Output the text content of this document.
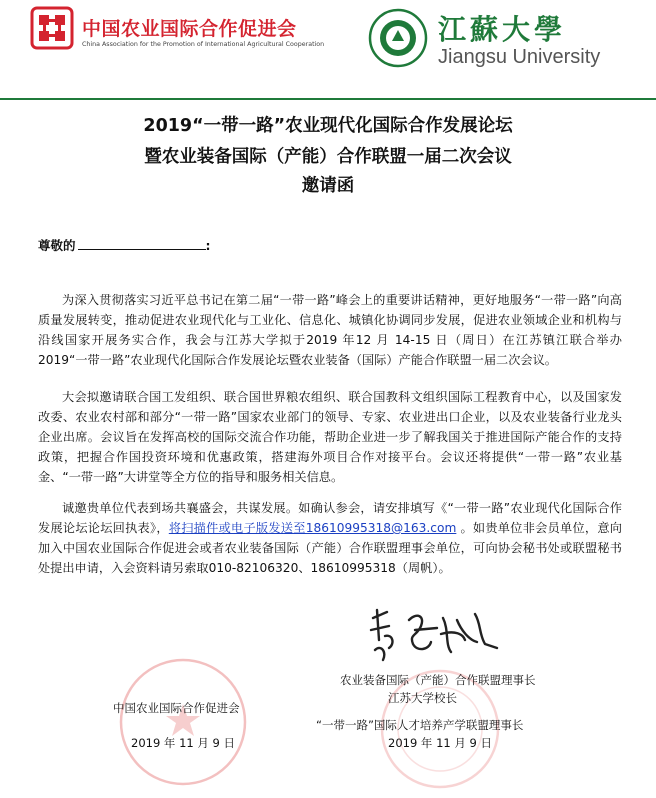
中国农业国际合作促进会
China Association for the Promotion of International Agricultural Cooperation	江蘇大學
Jiangsu University
2019“一带一路”农业现代化国际合作发展论坛
暨农业装备国际（产能）合作联盟一届二次会议
邀请函
尊敬的	:
为深入贯彻落实习近平总书记在第二届“一带一路”峰会上的重要讲话精神，更好地服务“一带一路”向高质量发展转变，推动促进农业现代化与工业化、信息化、城镇化协调同步发展，促进农业领域企业和机构与沿线国家开展务实合作，我会与江苏大学拟于2019 年12 月 14-15 日（周日）在江苏镇江联合举办2019“一带一路”农业现代化国际合作发展论坛暨农业装备（国际）产能合作联盟一届二次会议。
大会拟邀请联合国工发组织、联合国世界粮农组织、联合国教科文组织国际工程教育中心，以及国家发改委、农业农村部和部分“一带一路”国家农业部门的领导、专家、农业进出口企业，以及农业装备行业龙头企业出席。会议旨在发挥高校的国际交流合作功能，帮助企业进一步了解我国关于推进国际产能合作的支持政策，把握合作国投资环境和优惠政策，搭建海外项目合作对接平台。会议还将提供“一带一路”农业基金、“一带一路”大讲堂等全方位的指导和服务相关信息。
诚邀贵单位代表到场共襄盛会，共谋发展。如确认参会，请安排填写《“一带一路”农业现代化国际合作发展论坛论坛回执表》，将扫描件或电子版发送至18610995318@163.com 。如贵单位非会员单位，意向加入中国农业国际合作促进会或者农业装备国际（产能）合作联盟理事会单位，可向协会秘书处或联盟秘书处提出申请，入会资料请另索取010-82106320、18610995318（周帆）。
农业装备国际（产能）合作联盟理事长
江苏大学校长
“一带一路”国际人才培养产学联盟理事长
2019 年 11 月 9 日
中国农业国际合作促进会
2019 年 11 月 9 日
